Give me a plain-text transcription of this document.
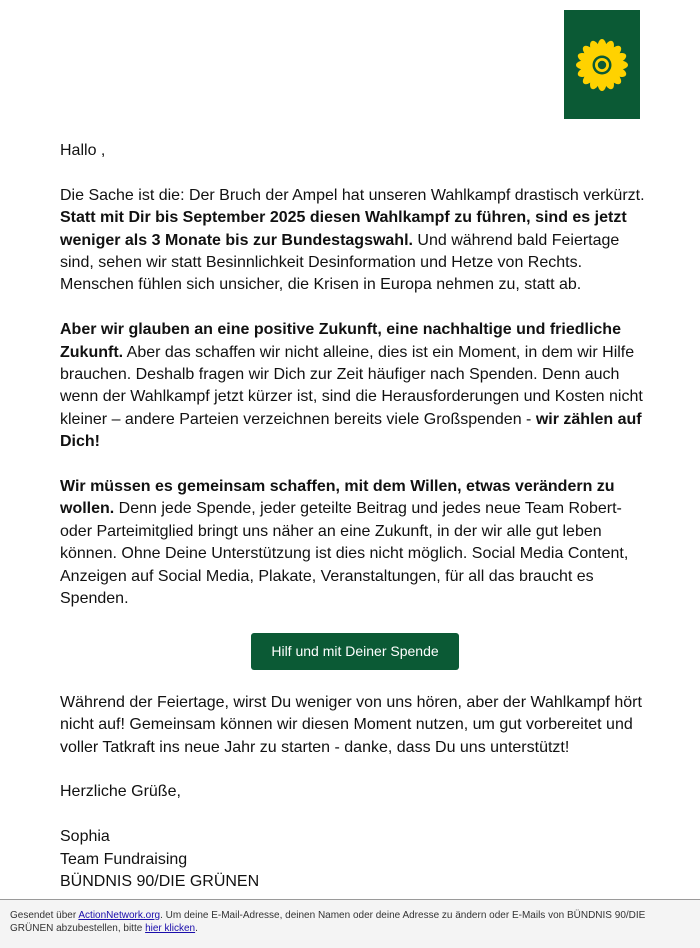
Hallo ,

Die Sache ist die: Der Bruch der Ampel hat unseren Wahlkampf drastisch verkürzt. Statt mit Dir bis September 2025 diesen Wahlkampf zu führen, sind es jetzt weniger als 3 Monate bis zur Bundestagswahl. Und während bald Feiertage sind, sehen wir statt Besinnlichkeit Desinformation und Hetze von Rechts. Menschen fühlen sich unsicher, die Krisen in Europa nehmen zu, statt ab.

Aber wir glauben an eine positive Zukunft, eine nachhaltige und friedliche Zukunft. Aber das schaffen wir nicht alleine, dies ist ein Moment, in dem wir Hilfe brauchen. Deshalb fragen wir Dich zur Zeit häufiger nach Spenden. Denn auch wenn der Wahlkampf jetzt kürzer ist, sind die Herausforderungen und Kosten nicht kleiner – andere Parteien verzeichnen bereits viele Großspenden - wir zählen auf Dich!

Wir müssen es gemeinsam schaffen, mit dem Willen, etwas verändern zu wollen. Denn jede Spende, jeder geteilte Beitrag und jedes neue Team Robert- oder Parteimitglied bringt uns näher an eine Zukunft, in der wir alle gut leben können. Ohne Deine Unterstützung ist dies nicht möglich. Social Media Content, Anzeigen auf Social Media, Plakate, Veranstaltungen, für all das braucht es Spenden.

Hilf und mit Deiner Spende

Während der Feiertage, wirst Du weniger von uns hören, aber der Wahlkampf hört nicht auf! Gemeinsam können wir diesen Moment nutzen, um gut vorbereitet und voller Tatkraft ins neue Jahr zu starten - danke, dass Du uns unterstützt!

Herzliche Grüße,

Sophia

Team Fundraising

BÜNDNIS 90/DIE GRÜNEN

Gesendet über ActionNetwork.org. Um deine E-Mail-Adresse, deinen Namen oder deine Adresse zu ändern oder E-Mails von BÜNDNIS 90/DIE GRÜNEN abzubestellen, bitte hier klicken.
